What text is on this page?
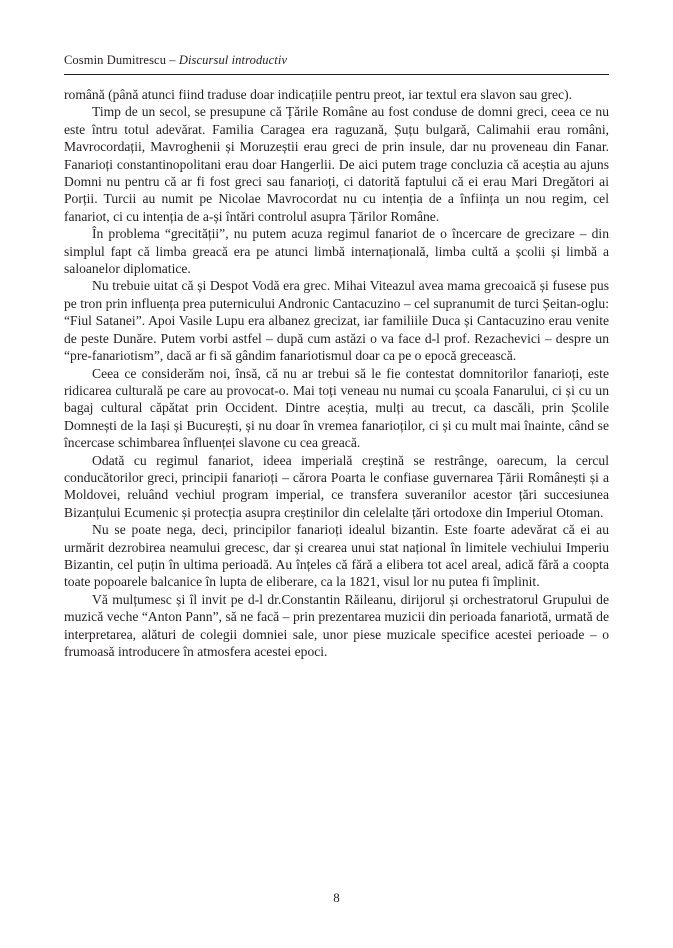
Cosmin Dumitrescu – Discursul introductiv

română (până atunci fiind traduse doar indicațiile pentru preot, iar textul era slavon sau grec).

Timp de un secol, se presupune că Țările Române au fost conduse de domni greci, ceea ce nu este întru totul adevărat. Familia Caragea era raguzană, Șuțu bulgară, Calimahii erau români, Mavrocordații, Mavroghenii și Moruzeștii erau greci de prin insule, dar nu proveneau din Fanar. Fanarioți constantinopolitani erau doar Hangerlii. De aici putem trage concluzia că aceștia au ajuns Domni nu pentru că ar fi fost greci sau fanarioți, ci datorită faptului că ei erau Mari Dregători ai Porții. Turcii au numit pe Nicolae Mavrocordat nu cu intenția de a înființa un nou regim, cel fanariot, ci cu intenția de a-și întări controlul asupra Țărilor Române.

În problema “grecității”, nu putem acuza regimul fanariot de o încercare de grecizare – din simplul fapt că limba greacă era pe atunci limbă internațională, limba cultă a școlii și limbă a saloanelor diplomatice.

Nu trebuie uitat că și Despot Vodă era grec. Mihai Viteazul avea mama grecoaică și fusese pus pe tron prin influența prea puternicului Andronic Cantacuzino – cel supranumit de turci Șeitan-oglu: “Fiul Satanei”. Apoi Vasile Lupu era albanez grecizat, iar familiile Duca și Cantacuzino erau venite de peste Dunăre. Putem vorbi astfel – după cum astăzi o va face d-l prof. Rezachevici – despre un “pre-fanariotism”, dacă ar fi să gândim fanariotismul doar ca pe o epocă grecească.

Ceea ce considerăm noi, însă, că nu ar trebui să le fie contestat domnitorilor fanarioți, este ridicarea culturală pe care au provocat-o. Mai toți veneau nu numai cu școala Fanarului, ci și cu un bagaj cultural căpătat prin Occident. Dintre aceștia, mulți au trecut, ca dascăli, prin Școlile Domnești de la Iași și București, și nu doar în vremea fanarioților, ci și cu mult mai înainte, când se încercase schimbarea înfluenței slavone cu cea greacă.

Odată cu regimul fanariot, ideea imperială creștină se restrânge, oarecum, la cercul conducătorilor greci, principii fanarioți – cărora Poarta le confiase guvernarea Țării Românești și a Moldovei, reluând vechiul program imperial, ce transfera suveranilor acestor țări succesiunea Bizanțului Ecumenic și protecția asupra creștinilor din celelalte țări ortodoxe din Imperiul Otoman.

Nu se poate nega, deci, principilor fanarioți idealul bizantin. Este foarte adevărat că ei au urmărit dezrobirea neamului grecesc, dar și crearea unui stat național în limitele vechiului Imperiu Bizantin, cel puțin în ultima perioadă. Au înțeles că fără a elibera tot acel areal, adică fără a coopta toate popoarele balcanice în lupta de eliberare, ca la 1821, visul lor nu putea fi împlinit.

Vă mulțumesc și îl invit pe d-l dr.Constantin Răileanu, dirijorul și orchestratorul Grupului de muzică veche “Anton Pann”, să ne facă – prin prezentarea muzicii din perioada fanariotă, urmată de interpretarea, alături de colegii domniei sale, unor piese muzicale specifice acestei perioade – o frumoasă introducere în atmosfera acestei epoci.

8
